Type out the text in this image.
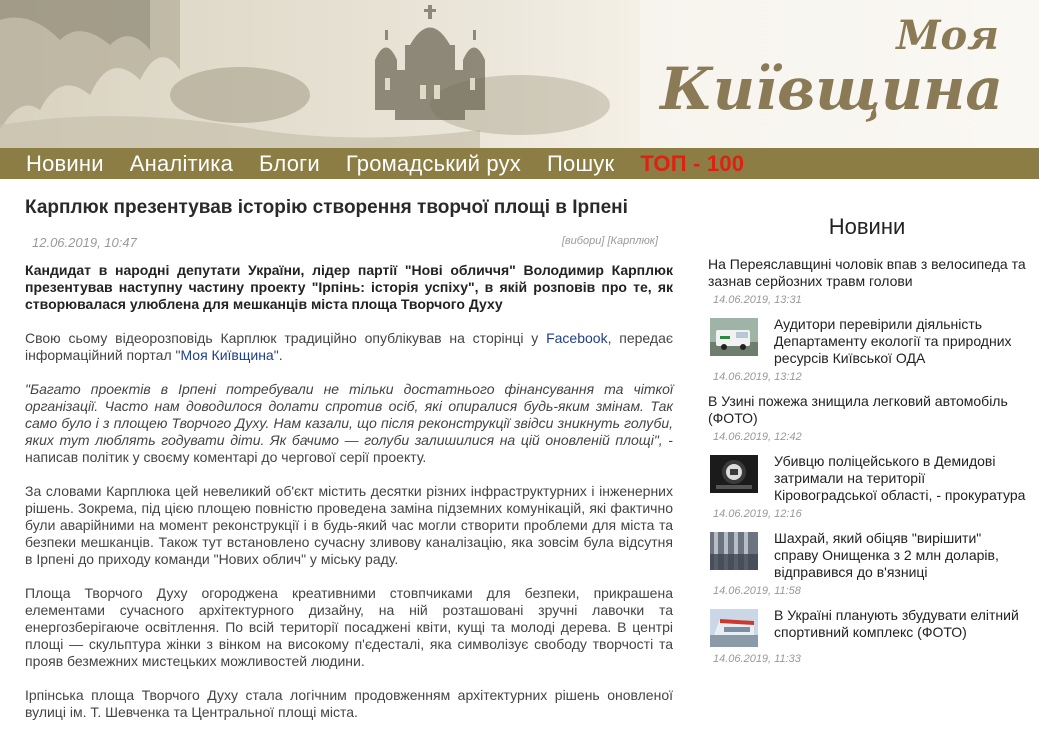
Моя
Київщина
Новини Аналітика Блоги Громадський рух Пошук ТОП - 100
Карплюк презентував історію створення творчої площі в Ірпені
12.06.2019, 10:47	[вибори] [Карплюк]
Кандидат в народні депутати України, лідер партії "Нові обличчя" Володимир Карплюк презентував наступну частину проекту "Ірпінь: історія успіху", в якій розповів про те, як створювалася улюблена для мешканців міста площа Творчого Духу
Свою сьому відеорозповідь Карплюк традиційно опублікував на сторінці у Facebook, передає інформаційний портал "Моя Київщина".
"Багато проектів в Ірпені потребували не тільки достатнього фінансування та чіткої організації. Часто нам доводилося долати спротив осіб, які опиралися будь-яким змінам. Так само було і з площею Творчого Духу. Нам казали, що після реконструкції звідси зникнуть голуби, яких тут люблять годувати діти. Як бачимо — голуби залишилися на цій оновленій площі", - написав політик у своєму коментарі до чергової серії проекту.
За словами Карплюка цей невеликий об'єкт містить десятки різних інфраструктурних і інженерних рішень. Зокрема, під цією площею повністю проведена заміна підземних комунікацій, які фактично були аварійними на момент реконструкції і в будь-який час могли створити проблеми для міста та безпеки мешканців. Також тут встановлено сучасну зливову каналізацію, яка зовсім була відсутня в Ірпені до приходу команди "Нових облич" у міську раду.
Площа Творчого Духу огороджена креативними стовпчиками для безпеки, прикрашена елементами сучасного архітектурного дизайну, на ній розташовані зручні лавочки та енергозберігаюче освітлення. По всій території посаджені квіти, кущі та молоді дерева. В центрі площі — скульптура жінки з вінком на високому п'єдесталі, яка символізує свободу творчості та прояв безмежних мистецьких можливостей людини.
Ірпінська площа Творчого Духу стала логічним продовженням архітектурних рішень оновленої вулиці ім. Т. Шевченка та Центральної площі міста.
Новини
На Переяславщині чоловік впав з велосипеда та зазнав серйозних травм голови
14.06.2019, 13:31
Аудитори перевірили діяльність Департаменту екології та природних ресурсів Київської ОДА
14.06.2019, 13:12
В Узині пожежа знищила легковий автомобіль (ФОТО)
14.06.2019, 12:42
Убивцю поліцейського в Демидові затримали на території Кіровоградської області, - прокуратура
14.06.2019, 12:16
Шахрай, який обіцяв "вирішити" справу Онищенка з 2 млн доларів, відправився до в'язниці
14.06.2019, 11:58
В Україні планують збудувати елітний спортивний комплекс (ФОТО)
14.06.2019, 11:33
